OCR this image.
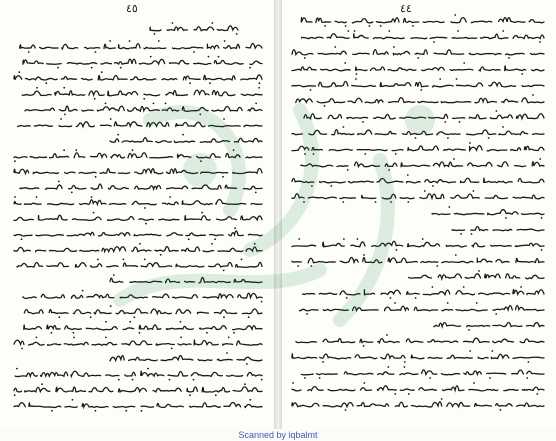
٤٥	٤٤
Scanned by iqbalmt
